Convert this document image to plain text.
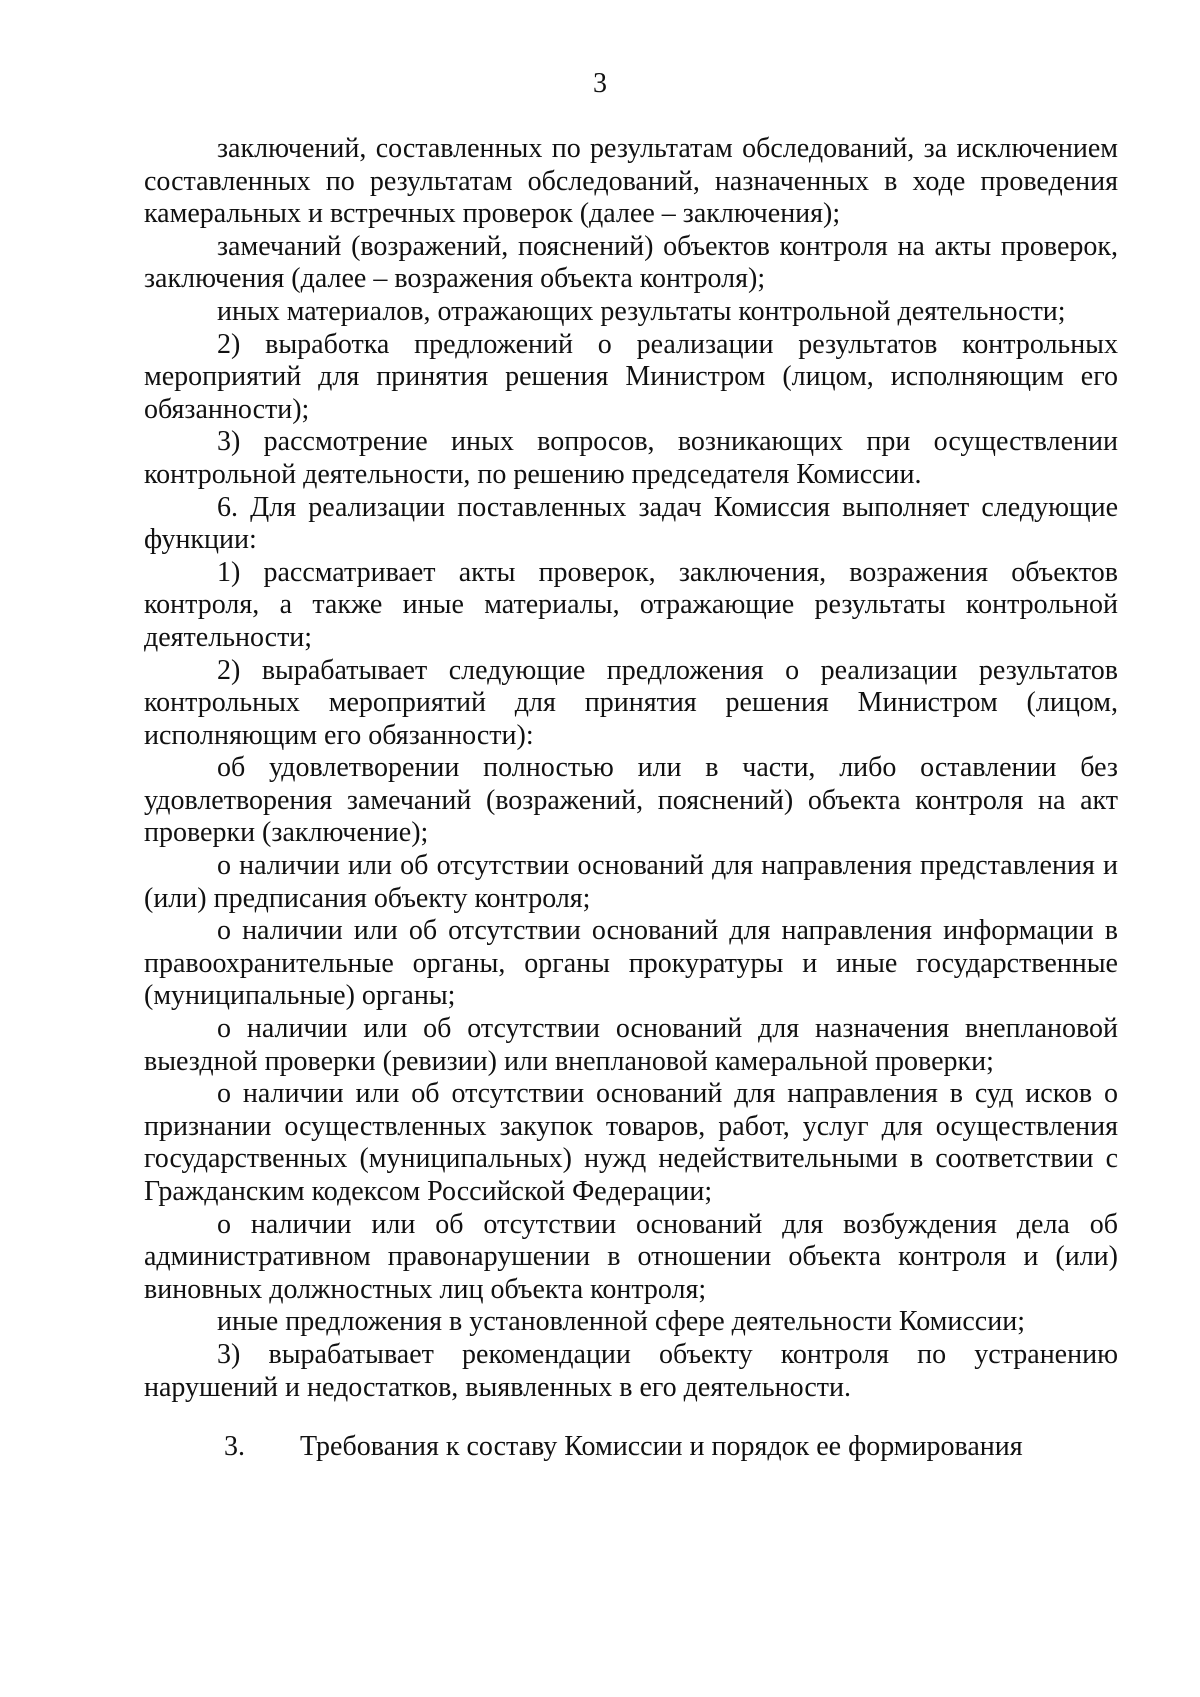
3

заключений, составленных по результатам обследований, за исключением составленных по результатам обследований, назначенных в ходе проведения камеральных и встречных проверок (далее – заключения);

замечаний (возражений, пояснений) объектов контроля на акты проверок, заключения (далее – возражения объекта контроля);

иных материалов, отражающих результаты контрольной деятельности;

2) выработка предложений о реализации результатов контрольных мероприятий для принятия решения Министром (лицом, исполняющим его обязанности);

3) рассмотрение иных вопросов, возникающих при осуществлении контрольной деятельности, по решению председателя Комиссии.

6. Для реализации поставленных задач Комиссия выполняет следующие функции:

1) рассматривает акты проверок, заключения, возражения объектов контроля, а также иные материалы, отражающие результаты контрольной деятельности;

2) вырабатывает следующие предложения о реализации результатов контрольных мероприятий для принятия решения Министром (лицом, исполняющим его обязанности):

об удовлетворении полностью или в части, либо оставлении без удовлетворения замечаний (возражений, пояснений) объекта контроля на акт проверки (заключение);

о наличии или об отсутствии оснований для направления представления и (или) предписания объекту контроля;

о наличии или об отсутствии оснований для направления информации в правоохранительные органы, органы прокуратуры и иные государственные (муниципальные) органы;

о наличии или об отсутствии оснований для назначения внеплановой выездной проверки (ревизии) или внеплановой камеральной проверки;

о наличии или об отсутствии оснований для направления в суд исков о признании осуществленных закупок товаров, работ, услуг для осуществления государственных (муниципальных) нужд недействительными в соответствии с Гражданским кодексом Российской Федерации;

о наличии или об отсутствии оснований для возбуждения дела об административном правонарушении в отношении объекта контроля и (или) виновных должностных лиц объекта контроля;

иные предложения в установленной сфере деятельности Комиссии;

3) вырабатывает рекомендации объекту контроля по устранению нарушений и недостатков, выявленных в его деятельности.

3. Требования к составу Комиссии и порядок ее формирования
